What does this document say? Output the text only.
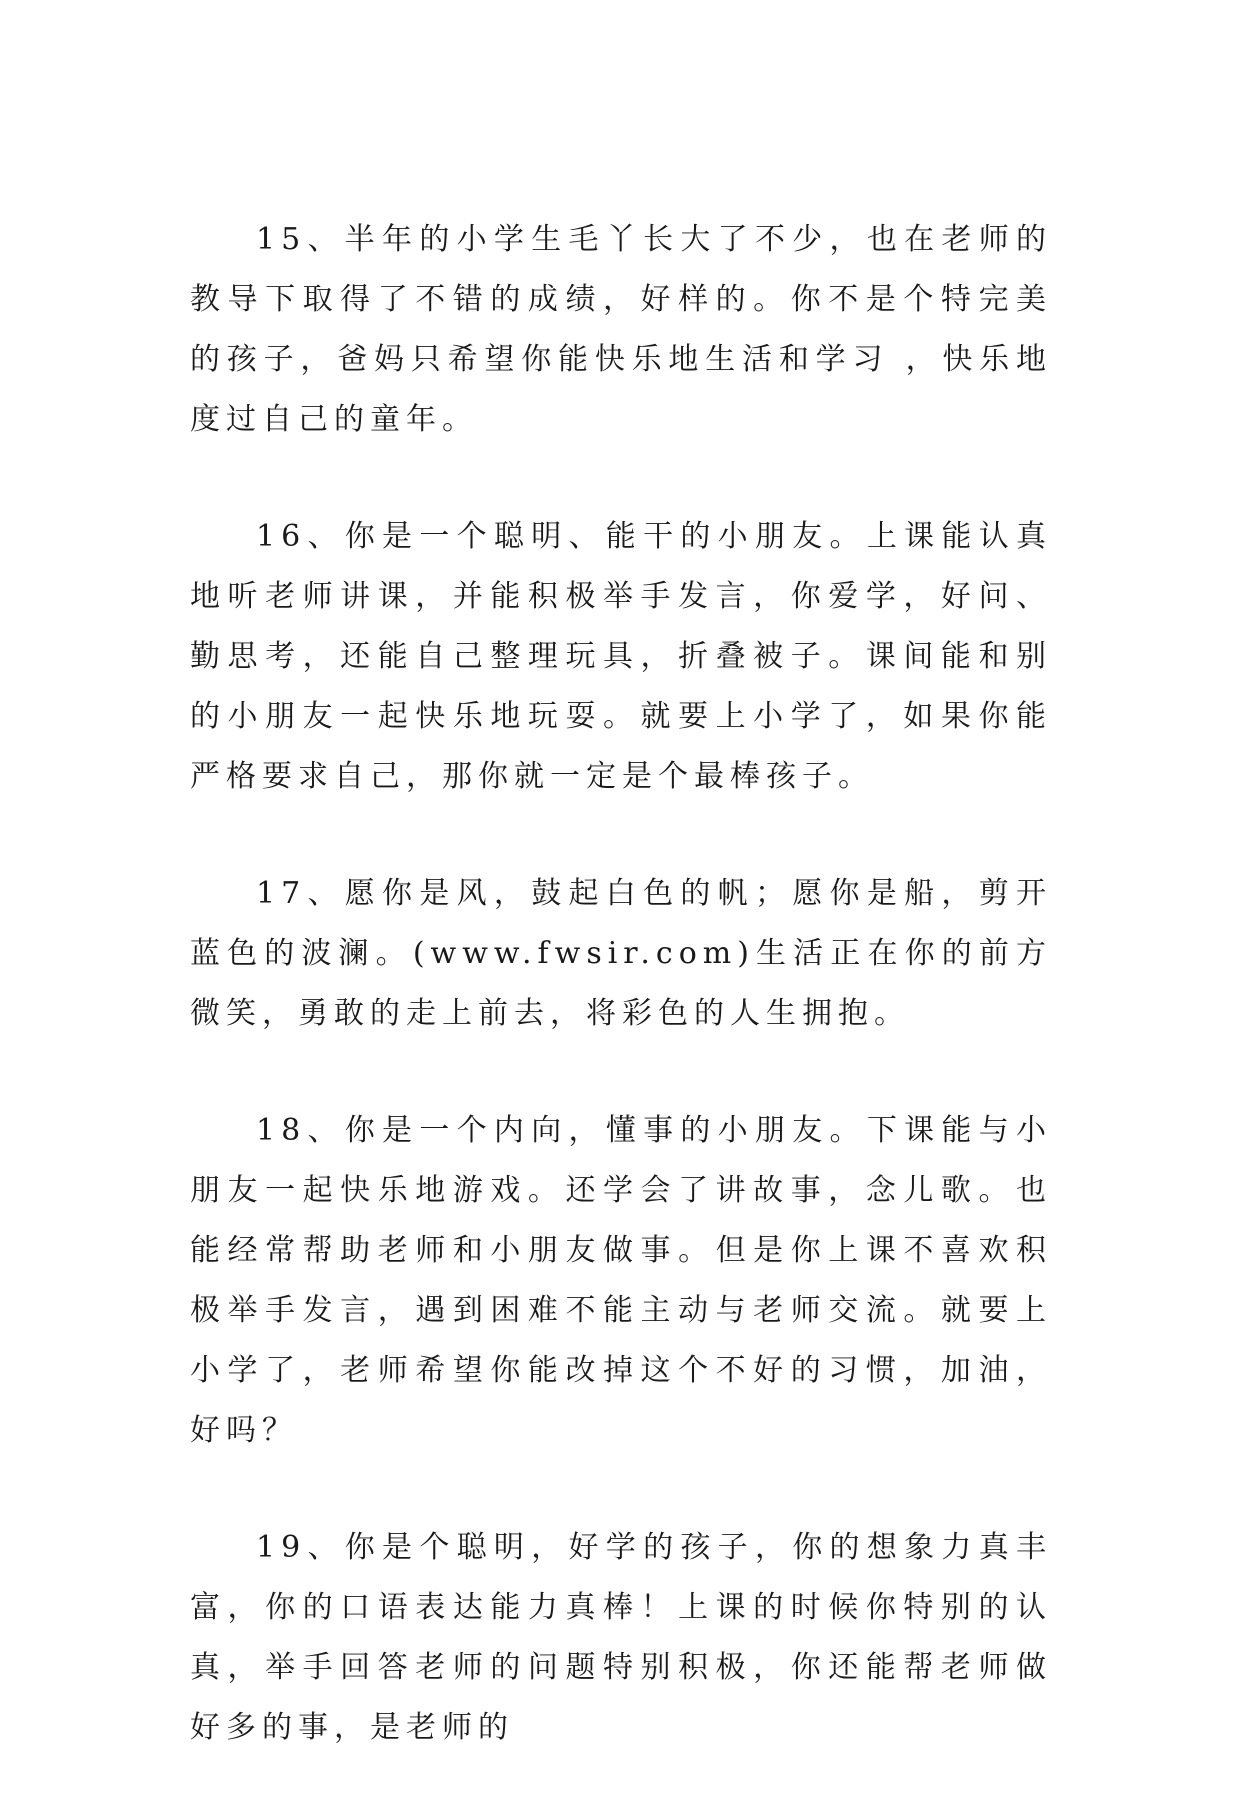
15、半年的小学生毛丫长大了不少，也在老师的教导下取得了不错的成绩，好样的。你不是个特完美的孩子，爸妈只希望你能快乐地生活和学习 ，快乐地度过自己的童年。

16、你是一个聪明、能干的小朋友。上课能认真地听老师讲课，并能积极举手发言，你爱学，好问、勤思考，还能自己整理玩具，折叠被子。课间能和别的小朋友一起快乐地玩耍。就要上小学了，如果你能严格要求自己，那你就一定是个最棒孩子。

17、愿你是风，鼓起白色的帆；愿你是船，剪开蓝色的波澜。(www.fwsir.com)生活正在你的前方微笑，勇敢的走上前去，将彩色的人生拥抱。

18、你是一个内向，懂事的小朋友。下课能与小朋友一起快乐地游戏。还学会了讲故事，念儿歌。也能经常帮助老师和小朋友做事。但是你上课不喜欢积极举手发言，遇到困难不能主动与老师交流。就要上小学了，老师希望你能改掉这个不好的习惯，加油，好吗？

19、你是个聪明，好学的孩子，你的想象力真丰富，你的口语表达能力真棒！上课的时候你特别的认真，举手回答老师的问题特别积极，你还能帮老师做好多的事，是老师的
